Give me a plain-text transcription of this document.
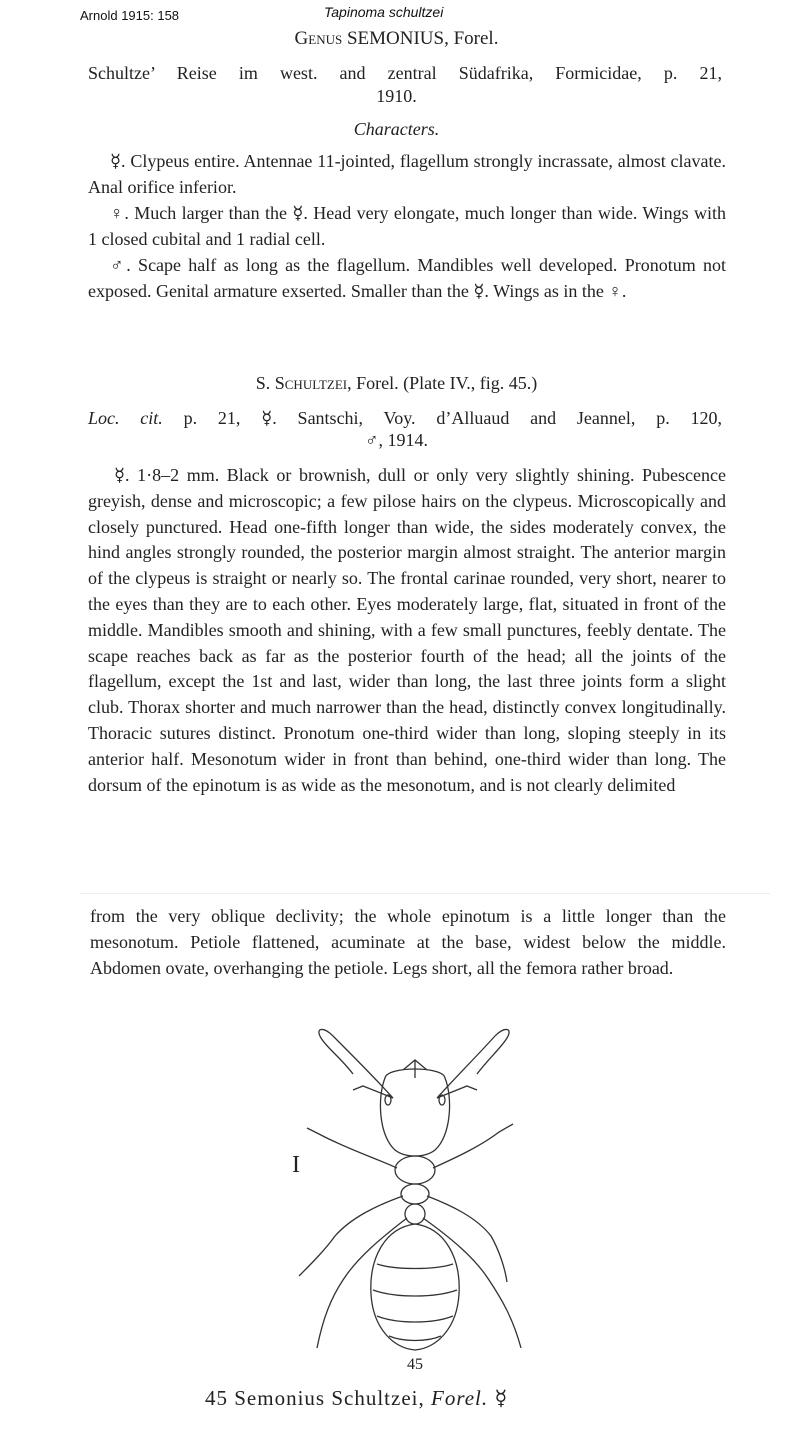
Arnold 1915: 158	Tapinoma schultzei
Genus SEMONIUS, Forel.
Schultze’ Reise im west. and zentral Südafrika, Formicidae, p. 21,
1910.
Characters.
☿. Clypeus entire. Antennae 11-jointed, flagellum strongly incrassate, almost clavate. Anal orifice inferior.
♀. Much larger than the ☿. Head very elongate, much longer than wide. Wings with 1 closed cubital and 1 radial cell.
♂. Scape half as long as the flagellum. Mandibles well developed. Pronotum not exposed. Genital armature exserted. Smaller than the ☿. Wings as in the ♀.
S. Schultzei, Forel. (Plate IV., fig. 45.)
Loc. cit. p. 21, ☿. Santschi, Voy. d’Alluaud and Jeannel, p. 120,
♂, 1914.
☿. 1·8–2 mm. Black or brownish, dull or only very slightly shining. Pubescence greyish, dense and microscopic; a few pilose hairs on the clypeus. Microscopically and closely punctured. Head one-fifth longer than wide, the sides moderately convex, the hind angles strongly rounded, the posterior margin almost straight. The anterior margin of the clypeus is straight or nearly so. The frontal carinae rounded, very short, nearer to the eyes than they are to each other. Eyes moderately large, flat, situated in front of the middle. Mandibles smooth and shining, with a few small punctures, feebly dentate. The scape reaches back as far as the posterior fourth of the head; all the joints of the flagellum, except the 1st and last, wider than long, the last three joints form a slight club. Thorax shorter and much narrower than the head, distinctly convex longitudinally. Thoracic sutures distinct. Pronotum one-third wider than long, sloping steeply in its anterior half. Mesonotum wider in front than behind, one-third wider than long. The dorsum of the epinotum is as wide as the mesonotum, and is not clearly delimited
from the very oblique declivity; the whole epinotum is a little longer than the mesonotum. Petiole flattened, acuminate at the base, widest below the middle. Abdomen ovate, overhanging the petiole. Legs short, all the femora rather broad.
I
45
45 Semonius Schultzei, Forel. ☿
